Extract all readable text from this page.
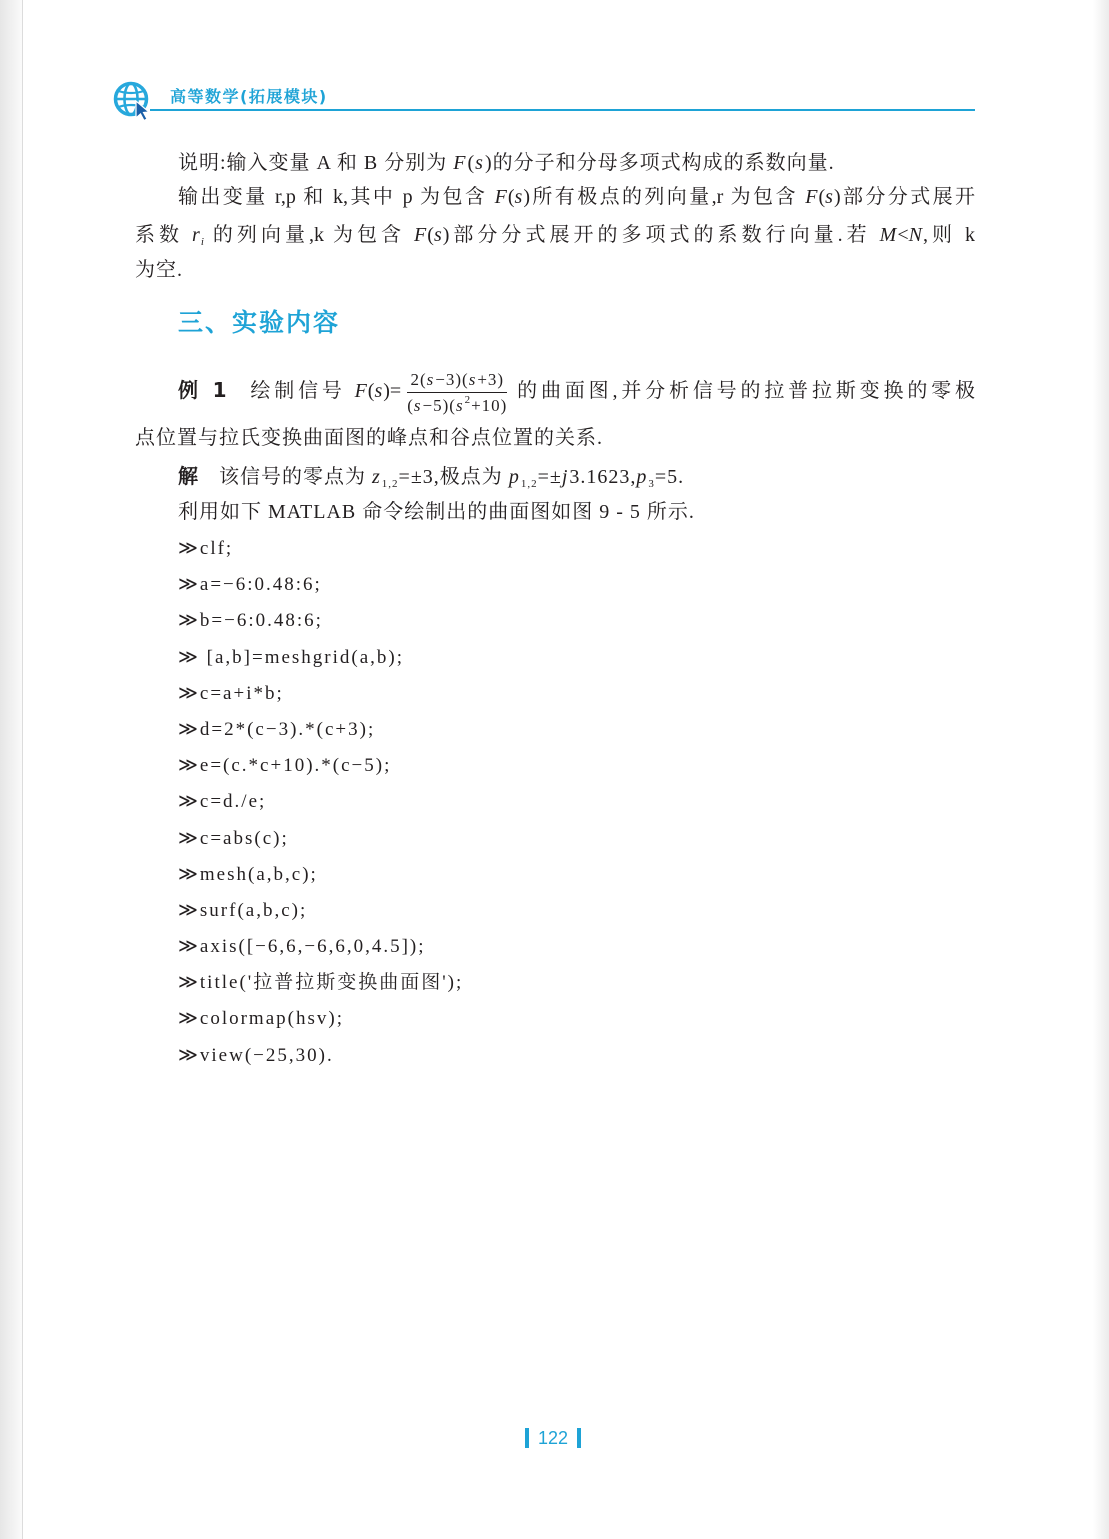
高等数学(拓展模块)
说明:输入变量 A 和 B 分别为 F(s)的分子和分母多项式构成的系数向量.
输出变量 r,p 和 k,其中 p 为包含 F(s)所有极点的列向量,r 为包含 F(s)部分分式展开
系数 $r_i$ 的列向量,k 为包含 F(s)部分分式展开的多项式的系数行向量.若 M<N,则 k
为空.
三、实验内容
例 1 绘制信号 $F(s)= \frac{2(s-3)(s+3)}{(s-5)(s^2+10)}$ 的曲面图,并分析信号的拉普拉斯变换的零极
点位置与拉氏变换曲面图的峰点和谷点位置的关系.
解 该信号的零点为 $z_{1,2}=\pm 3$,极点为 $p_{1,2}=\pm j3.1623,p_3=5$.
利用如下 MATLAB 命令绘制出的曲面图如图 9 - 5 所示.
≫clf;
≫a=−6:0.48:6;
≫b=−6:0.48:6;
≫ [a,b]=meshgrid(a,b);
≫c=a+i*b;
≫d=2*(c−3).*(c+3);
≫e=(c.*c+10).*(c−5);
≫c=d./e;
≫c=abs(c);
≫mesh(a,b,c);
≫surf(a,b,c);
≫axis([−6,6,−6,6,0,4.5]);
≫title('拉普拉斯变换曲面图');
≫colormap(hsv);
≫view(−25,30).
122
